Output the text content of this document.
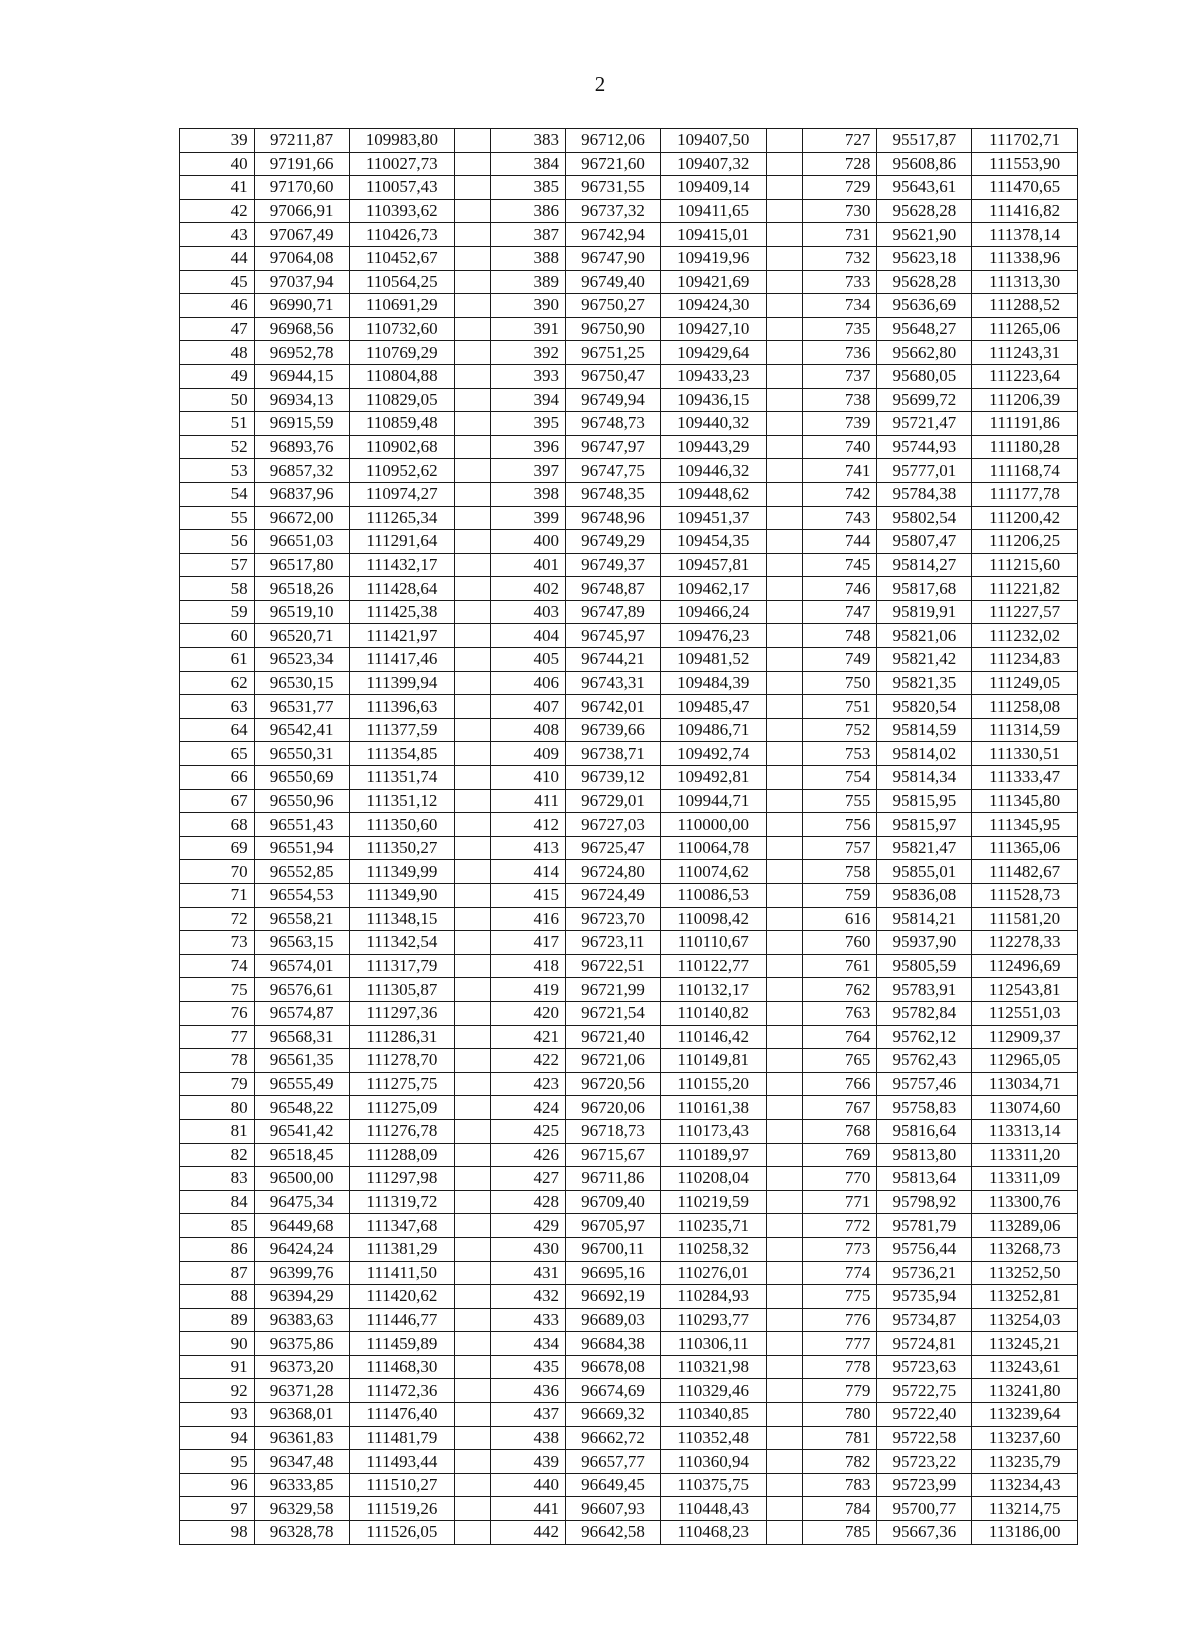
2
39	97211,87	109983,80		383	96712,06	109407,50		727	95517,87	111702,71
40	97191,66	110027,73		384	96721,60	109407,32		728	95608,86	111553,90
41	97170,60	110057,43		385	96731,55	109409,14		729	95643,61	111470,65
42	97066,91	110393,62		386	96737,32	109411,65		730	95628,28	111416,82
43	97067,49	110426,73		387	96742,94	109415,01		731	95621,90	111378,14
44	97064,08	110452,67		388	96747,90	109419,96		732	95623,18	111338,96
45	97037,94	110564,25		389	96749,40	109421,69		733	95628,28	111313,30
46	96990,71	110691,29		390	96750,27	109424,30		734	95636,69	111288,52
47	96968,56	110732,60		391	96750,90	109427,10		735	95648,27	111265,06
48	96952,78	110769,29		392	96751,25	109429,64		736	95662,80	111243,31
49	96944,15	110804,88		393	96750,47	109433,23		737	95680,05	111223,64
50	96934,13	110829,05		394	96749,94	109436,15		738	95699,72	111206,39
51	96915,59	110859,48		395	96748,73	109440,32		739	95721,47	111191,86
52	96893,76	110902,68		396	96747,97	109443,29		740	95744,93	111180,28
53	96857,32	110952,62		397	96747,75	109446,32		741	95777,01	111168,74
54	96837,96	110974,27		398	96748,35	109448,62		742	95784,38	111177,78
55	96672,00	111265,34		399	96748,96	109451,37		743	95802,54	111200,42
56	96651,03	111291,64		400	96749,29	109454,35		744	95807,47	111206,25
57	96517,80	111432,17		401	96749,37	109457,81		745	95814,27	111215,60
58	96518,26	111428,64		402	96748,87	109462,17		746	95817,68	111221,82
59	96519,10	111425,38		403	96747,89	109466,24		747	95819,91	111227,57
60	96520,71	111421,97		404	96745,97	109476,23		748	95821,06	111232,02
61	96523,34	111417,46		405	96744,21	109481,52		749	95821,42	111234,83
62	96530,15	111399,94		406	96743,31	109484,39		750	95821,35	111249,05
63	96531,77	111396,63		407	96742,01	109485,47		751	95820,54	111258,08
64	96542,41	111377,59		408	96739,66	109486,71		752	95814,59	111314,59
65	96550,31	111354,85		409	96738,71	109492,74		753	95814,02	111330,51
66	96550,69	111351,74		410	96739,12	109492,81		754	95814,34	111333,47
67	96550,96	111351,12		411	96729,01	109944,71		755	95815,95	111345,80
68	96551,43	111350,60		412	96727,03	110000,00		756	95815,97	111345,95
69	96551,94	111350,27		413	96725,47	110064,78		757	95821,47	111365,06
70	96552,85	111349,99		414	96724,80	110074,62		758	95855,01	111482,67
71	96554,53	111349,90		415	96724,49	110086,53		759	95836,08	111528,73
72	96558,21	111348,15		416	96723,70	110098,42		616	95814,21	111581,20
73	96563,15	111342,54		417	96723,11	110110,67		760	95937,90	112278,33
74	96574,01	111317,79		418	96722,51	110122,77		761	95805,59	112496,69
75	96576,61	111305,87		419	96721,99	110132,17		762	95783,91	112543,81
76	96574,87	111297,36		420	96721,54	110140,82		763	95782,84	112551,03
77	96568,31	111286,31		421	96721,40	110146,42		764	95762,12	112909,37
78	96561,35	111278,70		422	96721,06	110149,81		765	95762,43	112965,05
79	96555,49	111275,75		423	96720,56	110155,20		766	95757,46	113034,71
80	96548,22	111275,09		424	96720,06	110161,38		767	95758,83	113074,60
81	96541,42	111276,78		425	96718,73	110173,43		768	95816,64	113313,14
82	96518,45	111288,09		426	96715,67	110189,97		769	95813,80	113311,20
83	96500,00	111297,98		427	96711,86	110208,04		770	95813,64	113311,09
84	96475,34	111319,72		428	96709,40	110219,59		771	95798,92	113300,76
85	96449,68	111347,68		429	96705,97	110235,71		772	95781,79	113289,06
86	96424,24	111381,29		430	96700,11	110258,32		773	95756,44	113268,73
87	96399,76	111411,50		431	96695,16	110276,01		774	95736,21	113252,50
88	96394,29	111420,62		432	96692,19	110284,93		775	95735,94	113252,81
89	96383,63	111446,77		433	96689,03	110293,77		776	95734,87	113254,03
90	96375,86	111459,89		434	96684,38	110306,11		777	95724,81	113245,21
91	96373,20	111468,30		435	96678,08	110321,98		778	95723,63	113243,61
92	96371,28	111472,36		436	96674,69	110329,46		779	95722,75	113241,80
93	96368,01	111476,40		437	96669,32	110340,85		780	95722,40	113239,64
94	96361,83	111481,79		438	96662,72	110352,48		781	95722,58	113237,60
95	96347,48	111493,44		439	96657,77	110360,94		782	95723,22	113235,79
96	96333,85	111510,27		440	96649,45	110375,75		783	95723,99	113234,43
97	96329,58	111519,26		441	96607,93	110448,43		784	95700,77	113214,75
98	96328,78	111526,05		442	96642,58	110468,23		785	95667,36	113186,00
